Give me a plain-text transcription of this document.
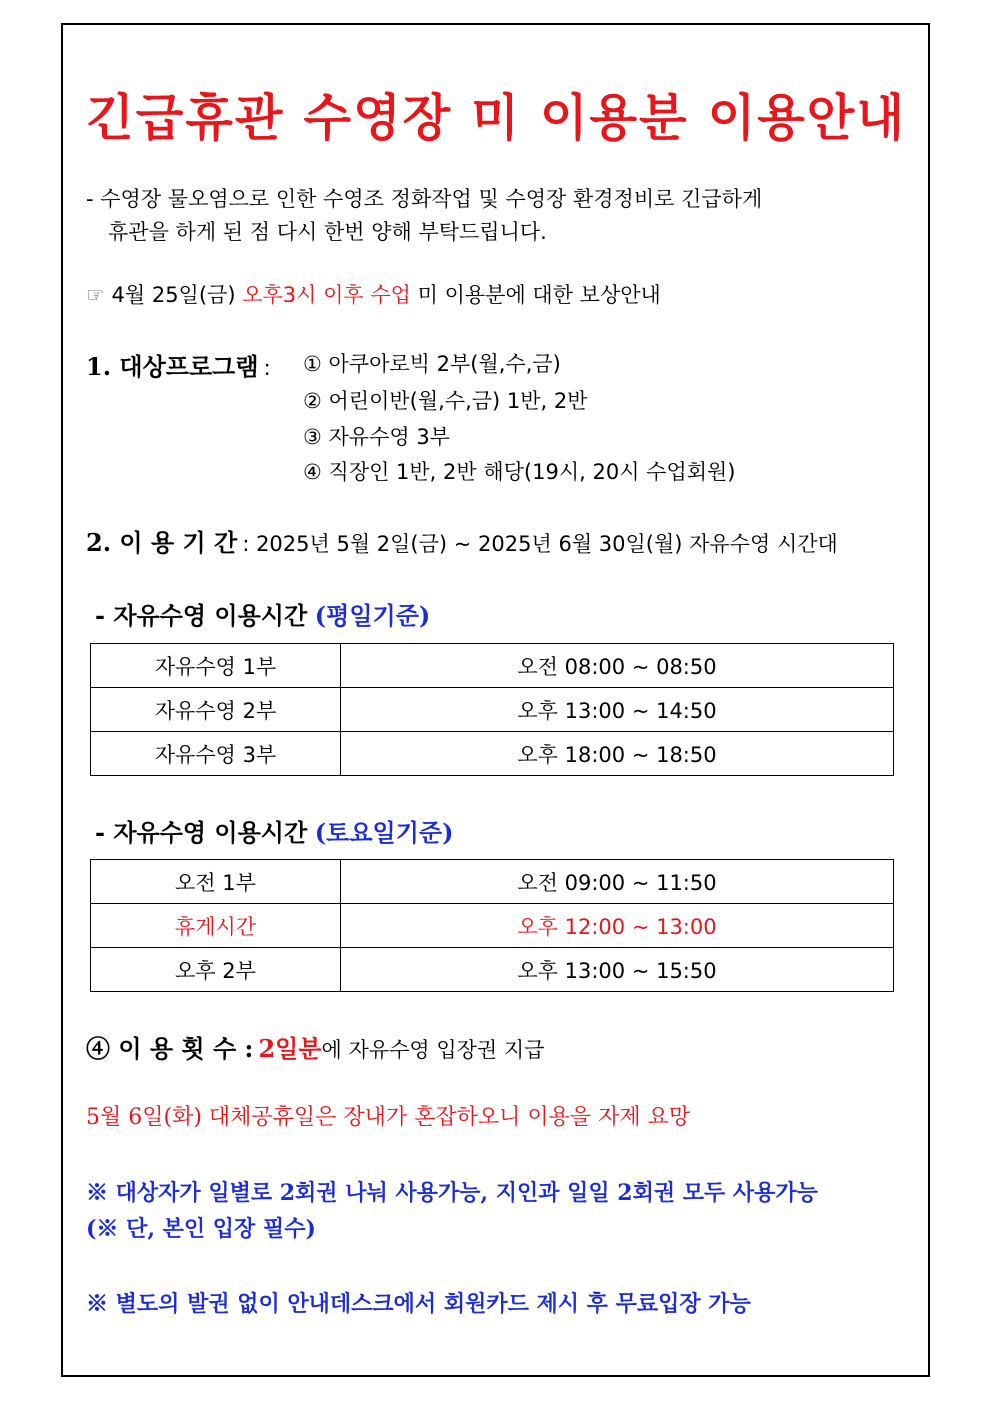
긴급휴관 수영장 미 이용분 이용안내
- 수영장 물오염으로 인한 수영조 정화작업 및 수영장 환경정비로 긴급하게
휴관을 하게 된 점 다시 한번 양해 부탁드립니다.
☞ 4월 25일(금) 오후3시 이후 수업 미 이용분에 대한 보상안내
1. 대상프로그램 : ① 아쿠아로빅 2부(월,수,금)
② 어린이반(월,수,금) 1반, 2반
③ 자유수영 3부
④ 직장인 1반, 2반 해당(19시, 20시 수업회원)
2. 이 용 기 간 : 2025년 5월 2일(금) ~ 2025년 6월 30일(월) 자유수영 시간대
- 자유수영 이용시간 (평일기준)
자유수영 1부	오전 08:00 ~ 08:50
자유수영 2부	오후 13:00 ~ 14:50
자유수영 3부	오후 18:00 ~ 18:50
- 자유수영 이용시간 (토요일기준)
오전 1부	오전 09:00 ~ 11:50
휴게시간	오후 12:00 ~ 13:00
오후 2부	오후 13:00 ~ 15:50
④ 이 용 횟 수 : 2일분에 자유수영 입장권 지급
5월 6일(화) 대체공휴일은 장내가 혼잡하오니 이용을 자제 요망
※ 대상자가 일별로 2회권 나눠 사용가능, 지인과 일일 2회권 모두 사용가능
(※ 단, 본인 입장 필수)
※ 별도의 발권 없이 안내데스크에서 회원카드 제시 후 무료입장 가능
